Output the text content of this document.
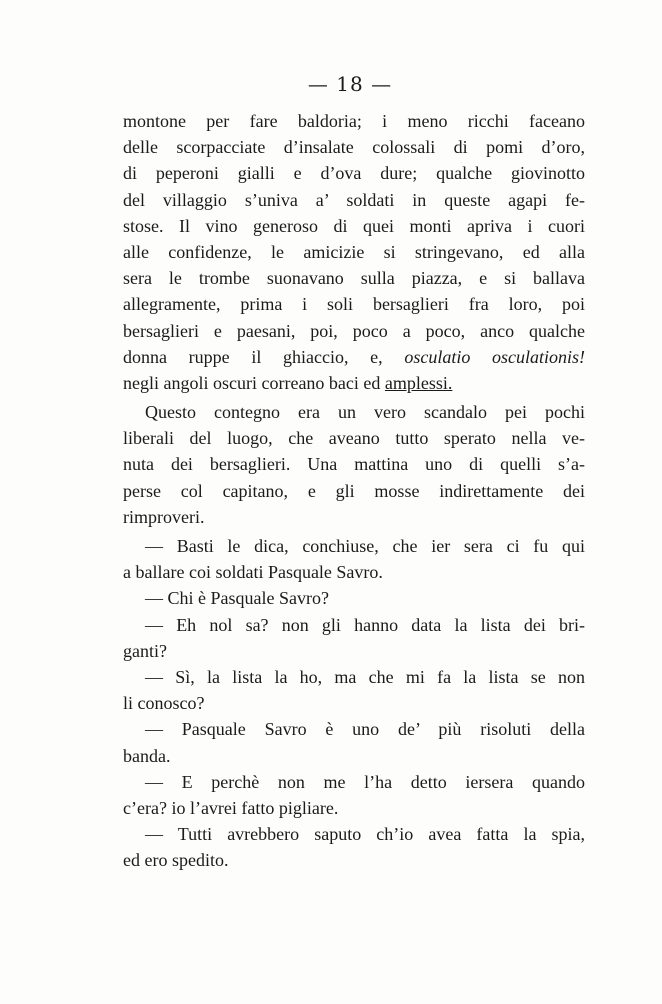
— 18 —
montone per fare baldoria; i meno ricchi faceano
delle scorpacciate d’insalate colossali di pomi d’oro,
di peperoni gialli e d’ova dure; qualche giovinotto
del villaggio s’univa a’ soldati in queste agapi fe-
stose. Il vino generoso di quei monti apriva i cuori
alle confidenze, le amicizie si stringevano, ed alla
sera le trombe suonavano sulla piazza, e si ballava
allegramente, prima i soli bersaglieri fra loro, poi
bersaglieri e paesani, poi, poco a poco, anco qualche
donna ruppe il ghiaccio, e, osculatio osculationis!
negli angoli oscuri correano baci ed amplessi.
Questo contegno era un vero scandalo pei pochi
liberali del luogo, che aveano tutto sperato nella ve-
nuta dei bersaglieri. Una mattina uno di quelli s’a-
perse col capitano, e gli mosse indirettamente dei
rimproveri.
— Basti le dica, conchiuse, che ier sera ci fu qui
a ballare coi soldati Pasquale Savro.
— Chi è Pasquale Savro?
— Eh nol sa? non gli hanno data la lista dei bri-
ganti?
— Sì, la lista la ho, ma che mi fa la lista se non
li conosco?
— Pasquale Savro è uno de’ più risoluti della
banda.
— E perchè non me l’ha detto iersera quando
c’era? io l’avrei fatto pigliare.
— Tutti avrebbero saputo ch’io avea fatta la spia,
ed ero spedito.
